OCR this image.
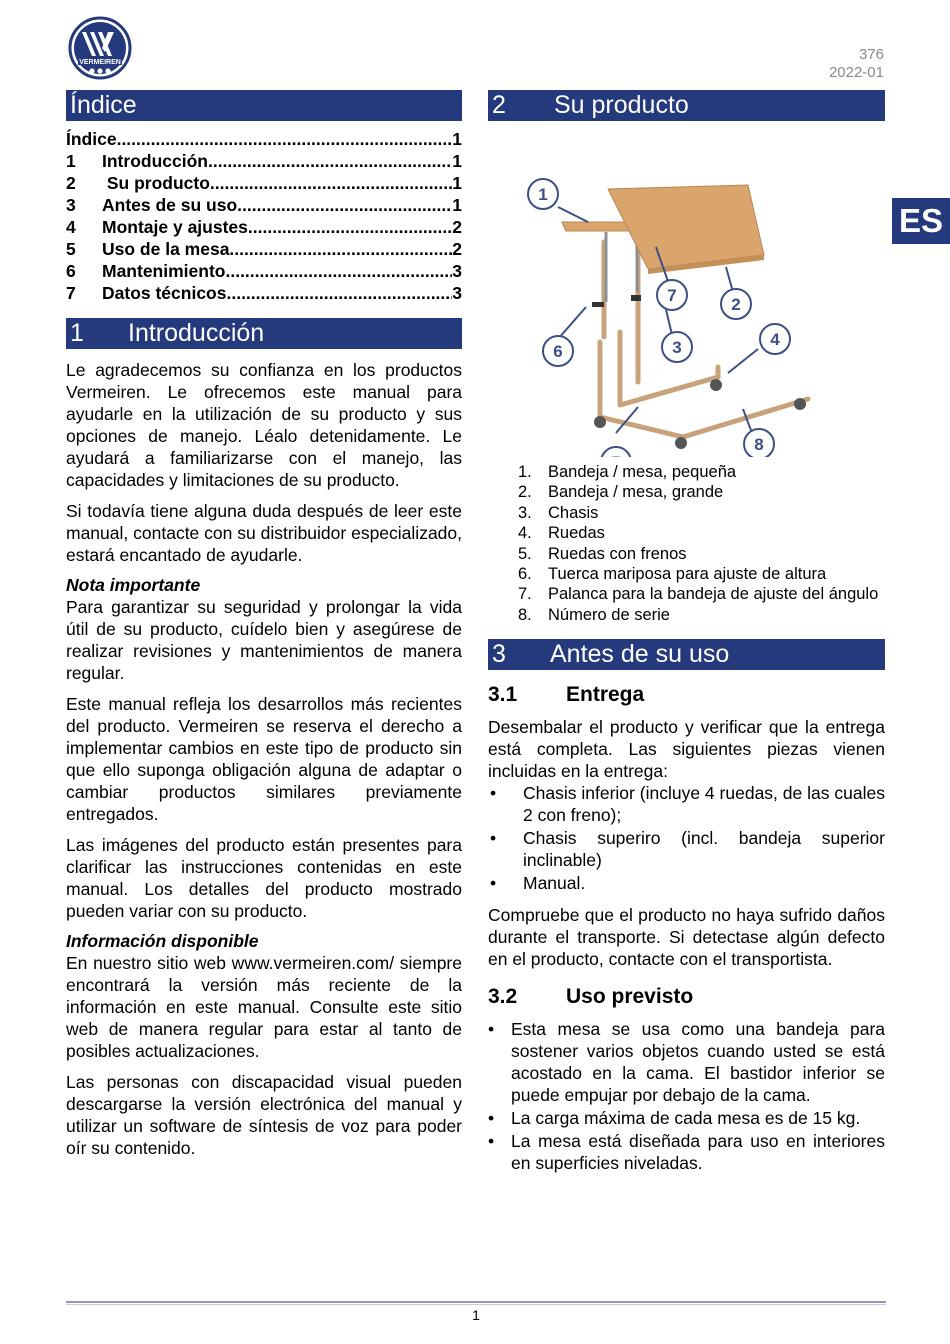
VERMEIREN	376
2022-01
ES
Índice
Índice .....	1
1	Introducción .....	1
2	Su producto .....	1
3	Antes de su uso .....	1
4	Montaje y ajustes .....	2
5	Uso de la mesa .....	2
6	Mantenimiento .....	3
7	Datos técnicos .....	3
1	Introducción

Le agradecemos su confianza en los productos Vermeiren. Le ofrecemos este manual para ayudarle en la utilización de su producto y sus opciones de manejo. Léalo detenidamente. Le ayudará a familiarizarse con el manejo, las capacidades y limitaciones de su producto.

Si todavía tiene alguna duda después de leer este manual, contacte con su distribuidor especializado, estará encantado de ayudarle.

Nota importante

Para garantizar su seguridad y prolongar la vida útil de su producto, cuídelo bien y asegúrese de realizar revisiones y mantenimientos de manera regular.

Este manual refleja los desarrollos más recientes del producto. Vermeiren se reserva el derecho a implementar cambios en este tipo de producto sin que ello suponga obligación alguna de adaptar o cambiar productos similares previamente entregados.

Las imágenes del producto están presentes para clarificar las instrucciones contenidas en este manual. Los detalles del producto mostrado pueden variar con su producto.

Información disponible

En nuestro sitio web www.vermeiren.com/ siempre encontrará la versión más reciente de la información en este manual. Consulte este sitio web de manera regular para estar al tanto de posibles actualizaciones.

Las personas con discapacidad visual pueden descargarse la versión electrónica del manual y utilizar un software de síntesis de voz para poder oír su contenido.

2	Su producto
1
2
3	4
6
7
8
1. Bandeja / mesa, pequeña
2. Bandeja / mesa, grande
3. Chasis
4. Ruedas
5. Ruedas con frenos
6. Tuerca mariposa para ajuste de altura
7. Palanca para la bandeja de ajuste del ángulo
8. Número de serie
3	Antes de su uso
3.1	Entrega

Desembalar el producto y verificar que la entrega está completa. Las siguientes piezas vienen incluidas en la entrega:

• Chasis inferior (incluye 4 ruedas, de las cuales 2 con freno);
• Chasis superiro (incl. bandeja superior inclinable)
• Manual.

Compruebe que el producto no haya sufrido daños durante el transporte. Si detectase algún defecto en el producto, contacte con el transportista.

3.2	Uso previsto
• Esta mesa se usa como una bandeja para sostener varios objetos cuando usted se está acostado en la cama. El bastidor inferior se puede empujar por debajo de la cama.
• La carga máxima de cada mesa es de 15 kg.
• La mesa está diseñada para uso en interiores en superficies niveladas.
1
